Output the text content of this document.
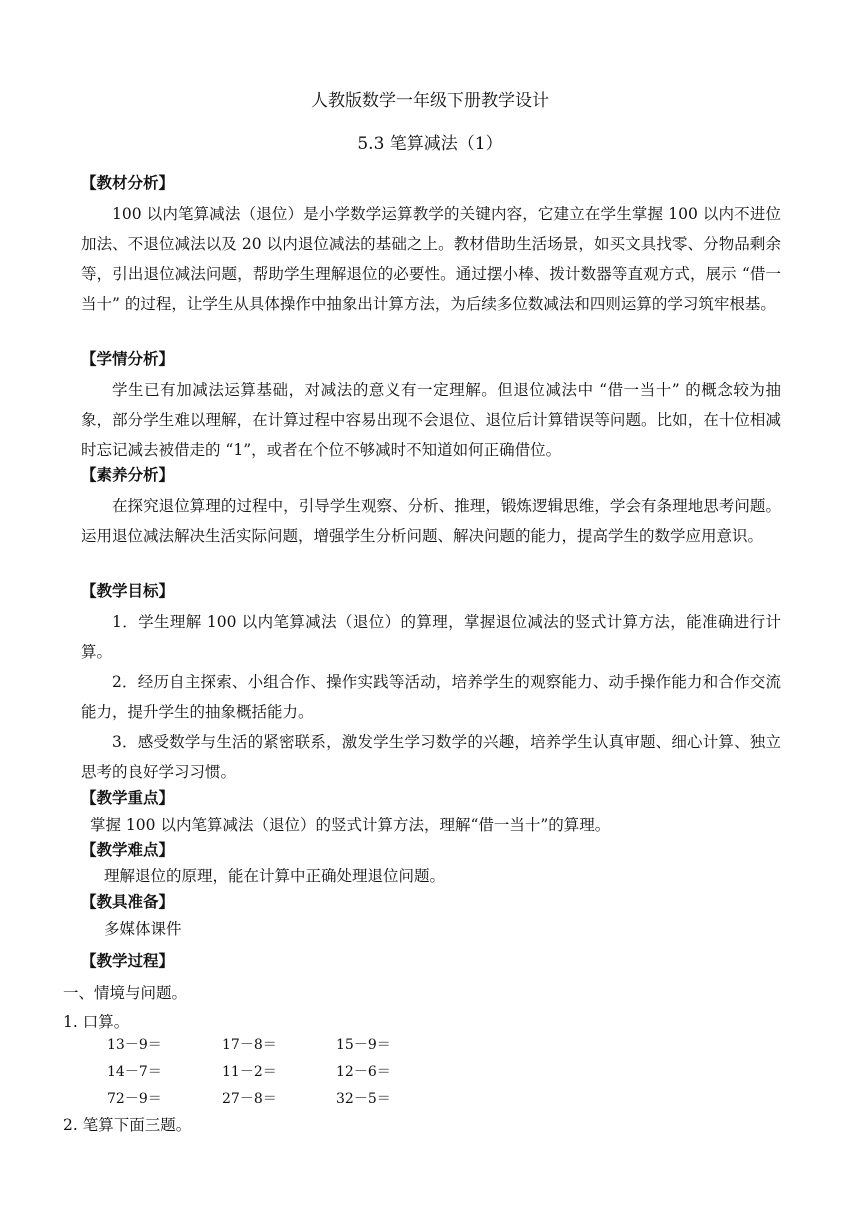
人教版数学一年级下册教学设计
5.3 笔算减法（1）
【教材分析】
100 以内笔算减法（退位）是小学数学运算教学的关键内容，它建立在学生掌握 100 以内不进位加法、不退位减法以及 20 以内退位减法的基础之上。教材借助生活场景，如买文具找零、分物品剩余等，引出退位减法问题，帮助学生理解退位的必要性。通过摆小棒、拨计数器等直观方式，展示 “借一当十” 的过程，让学生从具体操作中抽象出计算方法，为后续多位数减法和四则运算的学习筑牢根基。
【学情分析】
学生已有加减法运算基础，对减法的意义有一定理解。但退位减法中 “借一当十” 的概念较为抽象，部分学生难以理解，在计算过程中容易出现不会退位、退位后计算错误等问题。比如，在十位相减时忘记减去被借走的 “1”，或者在个位不够减时不知道如何正确借位。
【素养分析】
在探究退位算理的过程中，引导学生观察、分析、推理，锻炼逻辑思维，学会有条理地思考问题。运用退位减法解决生活实际问题，增强学生分析问题、解决问题的能力，提高学生的数学应用意识。
【教学目标】
1．学生理解 100 以内笔算减法（退位）的算理，掌握退位减法的竖式计算方法，能准确进行计算。
2．经历自主探索、小组合作、操作实践等活动，培养学生的观察能力、动手操作能力和合作交流能力，提升学生的抽象概括能力。
3．感受数学与生活的紧密联系，激发学生学习数学的兴趣，培养学生认真审题、细心计算、独立思考的良好学习习惯。
【教学重点】
掌握 100 以内笔算减法（退位）的竖式计算方法，理解“借一当十”的算理。
【教学难点】
理解退位的原理，能在计算中正确处理退位问题。
【教具准备】
多媒体课件
【教学过程】
一、情境与问题。
1. 口算。
13－9＝	17－8＝	15－9＝
14－7＝	11－2＝	12－6＝
72－9＝	27－8＝	32－5＝
2. 笔算下面三题。
